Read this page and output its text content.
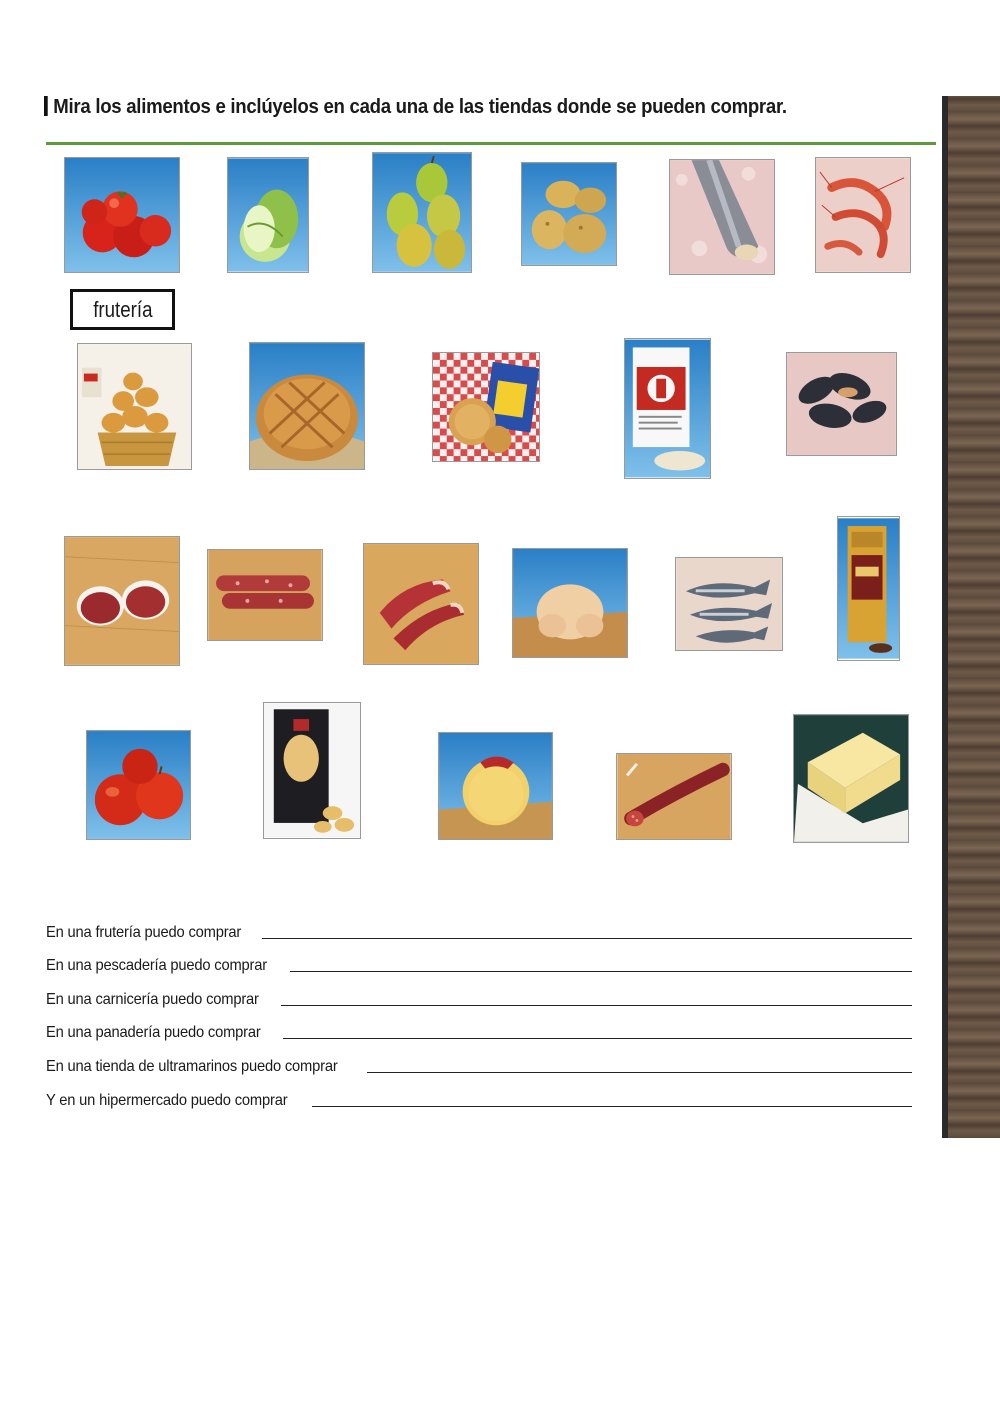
Mira los alimentos e inclúyelos en cada una de las tiendas donde se pueden comprar.
frutería
En una frutería puedo comprar
En una pescadería puedo comprar
En una carnicería puedo comprar
En una panadería puedo comprar
En una tienda de ultramarinos puedo comprar
Y en un hipermercado puedo comprar
